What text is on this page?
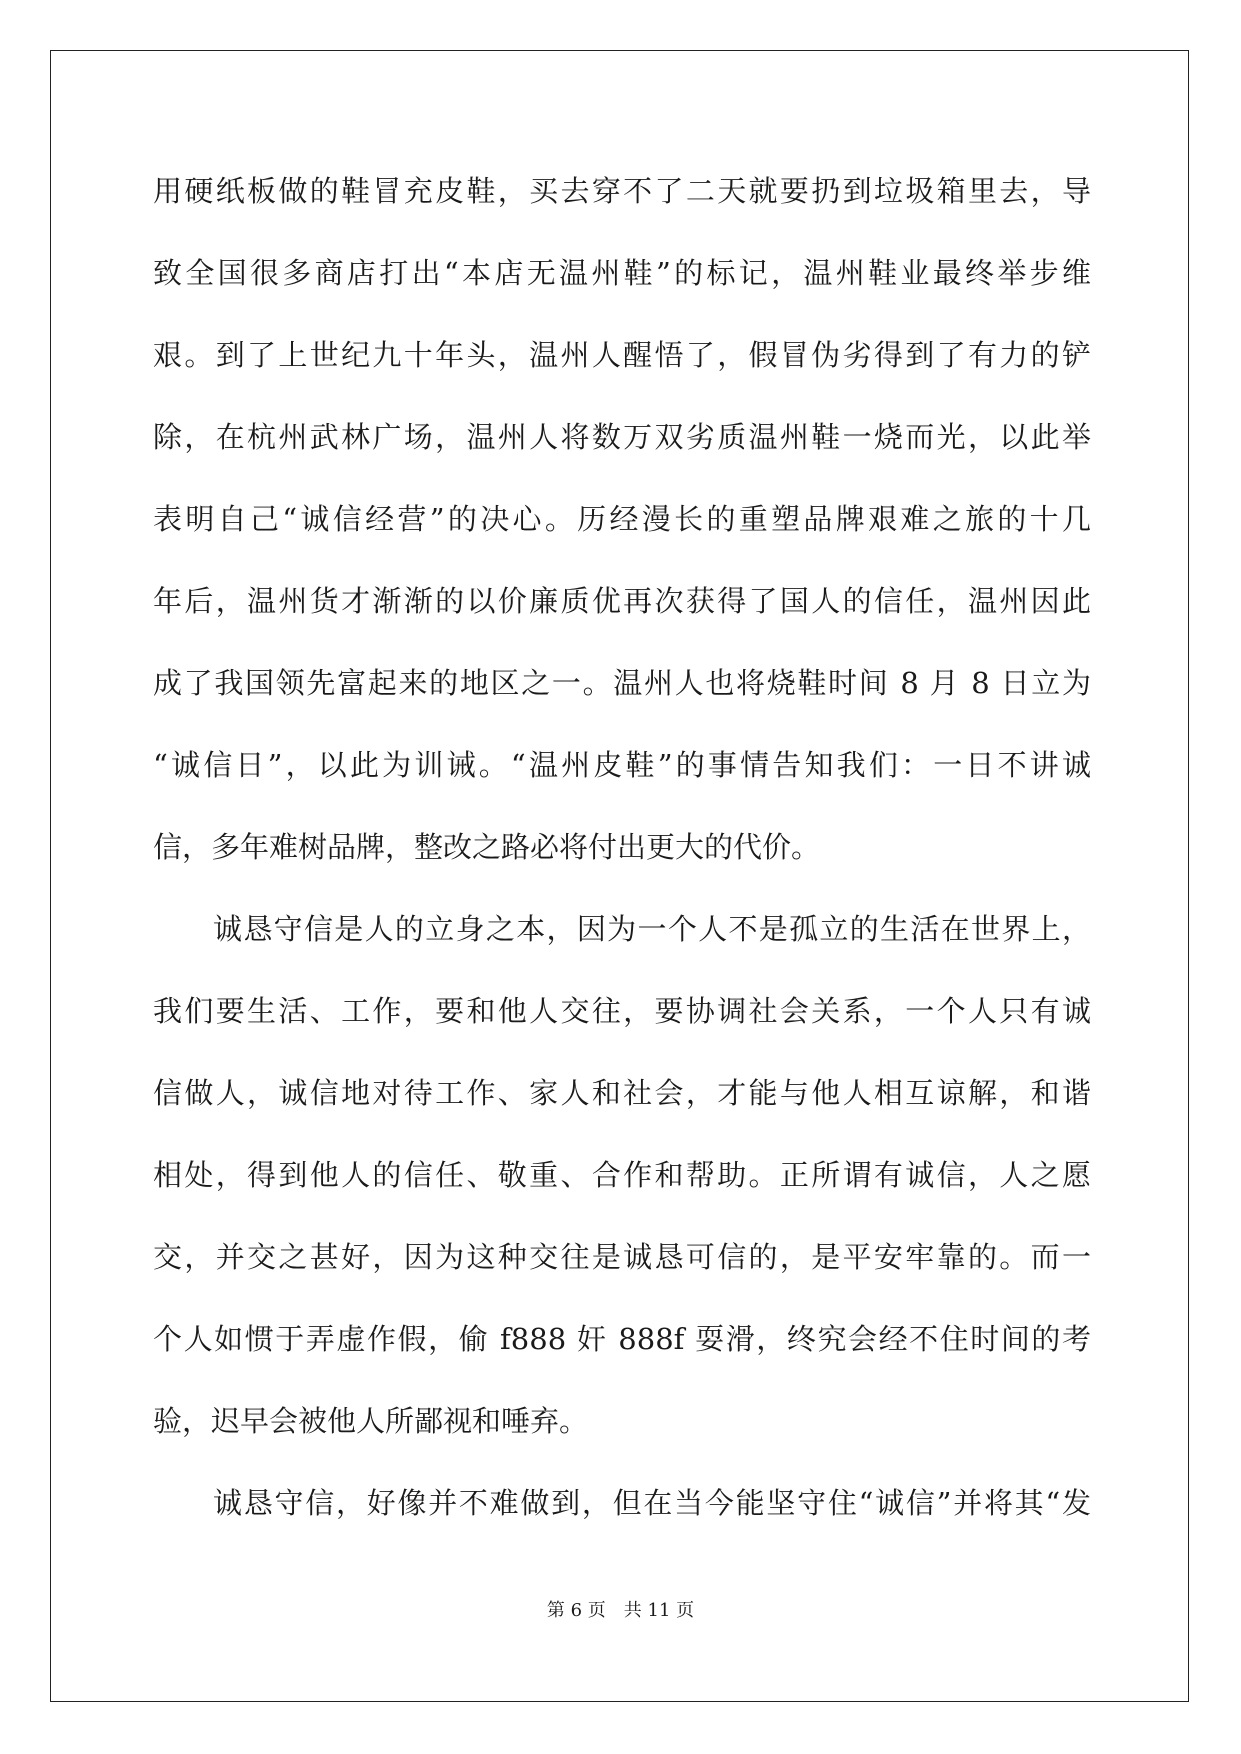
用硬纸板做的鞋冒充皮鞋，买去穿不了二天就要扔到垃圾箱里去，导
致全国很多商店打出“本店无温州鞋”的标记，温州鞋业最终举步维
艰。到了上世纪九十年头，温州人醒悟了，假冒伪劣得到了有力的铲
除，在杭州武林广场，温州人将数万双劣质温州鞋一烧而光，以此举
表明自己“诚信经营”的决心。历经漫长的重塑品牌艰难之旅的十几
年后，温州货才渐渐的以价廉质优再次获得了国人的信任，温州因此
成了我国领先富起来的地区之一。温州人也将烧鞋时间 8 月 8 日立为
“诚信日”，以此为训诫。“温州皮鞋”的事情告知我们：一日不讲诚
信，多年难树品牌，整改之路必将付出更大的代价。
诚恳守信是人的立身之本，因为一个人不是孤立的生活在世界上，
我们要生活、工作，要和他人交往，要协调社会关系，一个人只有诚
信做人，诚信地对待工作、家人和社会，才能与他人相互谅解，和谐
相处，得到他人的信任、敬重、合作和帮助。正所谓有诚信，人之愿
交，并交之甚好，因为这种交往是诚恳可信的，是平安牢靠的。而一
个人如惯于弄虚作假，偷 f888 奸 888f 耍滑，终究会经不住时间的考
验，迟早会被他人所鄙视和唾弃。
诚恳守信，好像并不难做到，但在当今能坚守住“诚信”并将其“发
第 6 页　共 11 页
